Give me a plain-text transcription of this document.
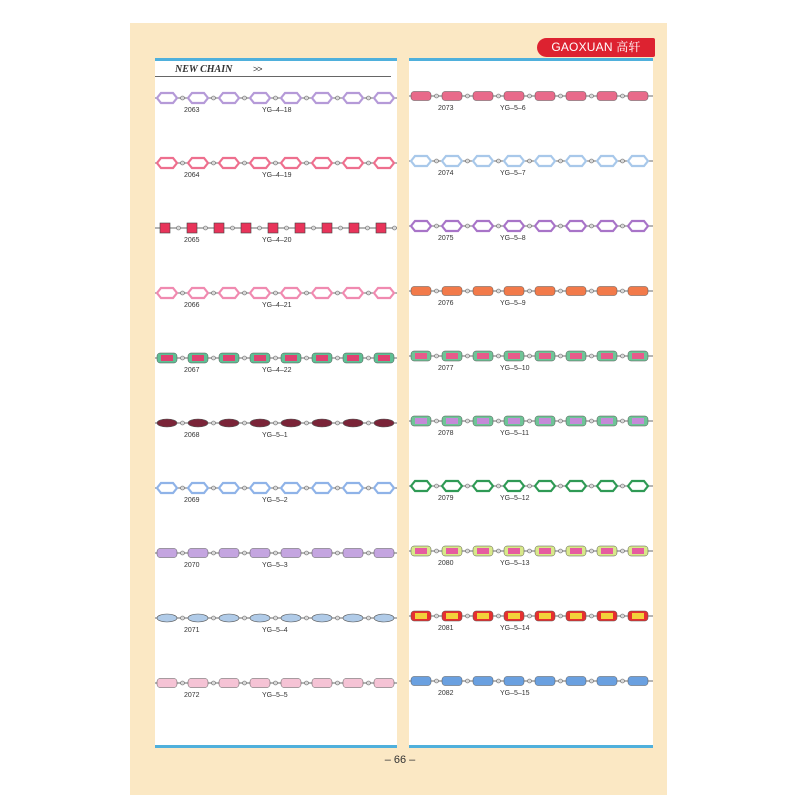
GAOXUAN 高轩
NEW CHAIN >>
2063	YG–4–18
2064	YG–4–19
2065	YG–4–20
2066	YG–4–21
2067	YG–4–22
2068	YG–5–1
2069	YG–5–2
2070	YG–5–3
2071	YG–5–4
2072	YG–5–5
2073	YG–5–6
2074	YG–5–7
2075	YG–5–8
2076	YG–5–9
2077	YG–5–10
2078	YG–5–11
2079	YG–5–12
2080	YG–5–13
2081	YG–5–14
2082	YG–5–15
– 66 –
